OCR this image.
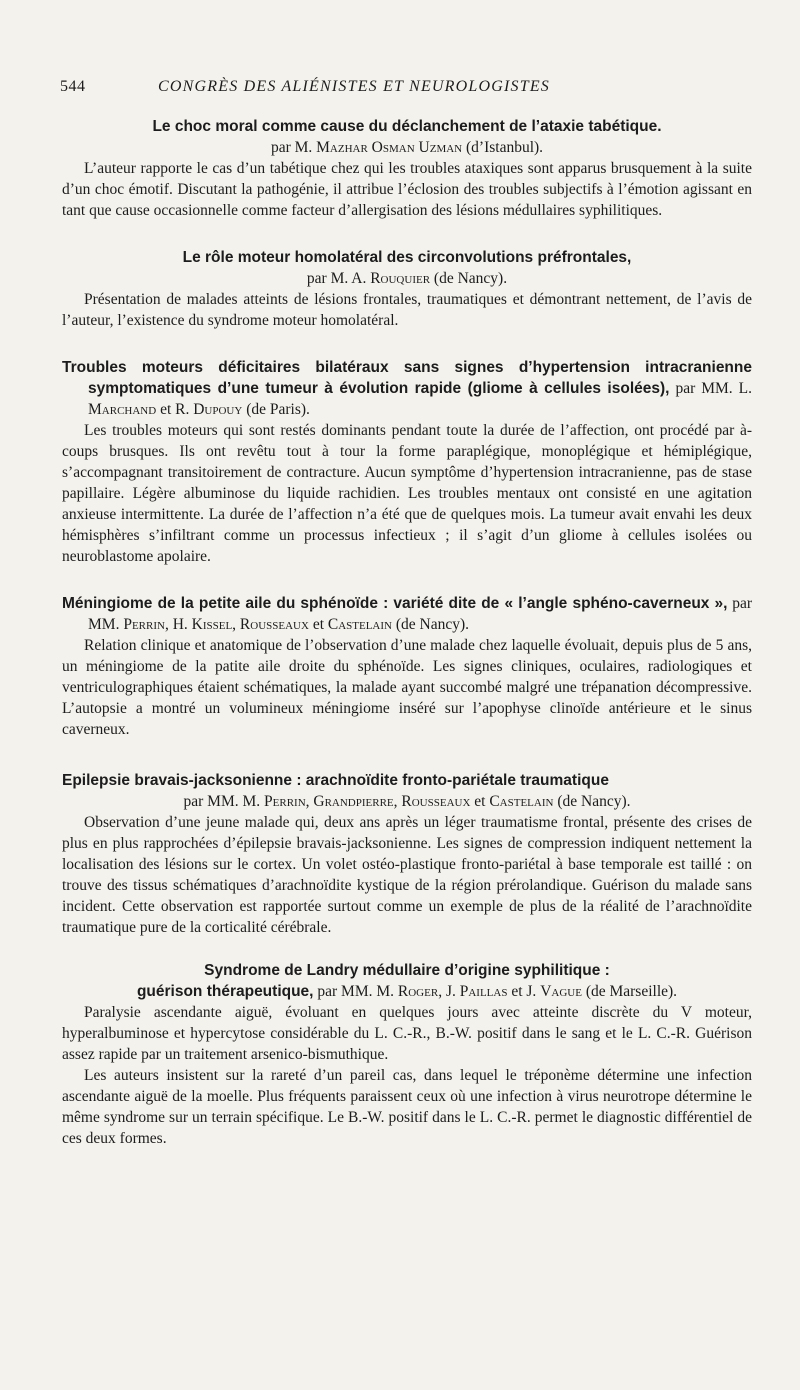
544	CONGRÈS DES ALIÉNISTES ET NEUROLOGISTES
Le choc moral comme cause du déclanchement de l’ataxie tabétique.
par M. Mazhar Osman Uzman (d’Istanbul).

L’auteur rapporte le cas d’un tabétique chez qui les troubles ataxiques sont apparus brusquement à la suite d’un choc émotif. Discutant la pathogénie, il attribue l’éclosion des troubles subjectifs à l’émotion agissant en tant que cause occasionnelle comme facteur d’allergisation des lésions médullaires syphilitiques.

Le rôle moteur homolatéral des circonvolutions préfrontales,
par M. A. Rouquier (de Nancy).

Présentation de malades atteints de lésions frontales, traumatiques et démontrant nettement, de l’avis de l’auteur, l’existence du syndrome moteur homolatéral.

Troubles moteurs déficitaires bilatéraux sans signes d’hypertension intracranienne symptomatiques d’une tumeur à évolution rapide (gliome à cellules isolées), par MM. L. Marchand et R. Dupouy (de Paris).

Les troubles moteurs qui sont restés dominants pendant toute la durée de l’affection, ont procédé par à-coups brusques. Ils ont revêtu tout à tour la forme paraplégique, monoplégique et hémiplégique, s’accompagnant transitoirement de contracture. Aucun symptôme d’hypertension intracranienne, pas de stase papillaire. Légère albuminose du liquide rachidien. Les troubles mentaux ont consisté en une agitation anxieuse intermittente. La durée de l’affection n’a été que de quelques mois. La tumeur avait envahi les deux hémisphères s’infiltrant comme un processus infectieux ; il s’agit d’un gliome à cellules isolées ou neuroblastome apolaire.

Méningiome de la petite aile du sphénoïde : variété dite de « l’angle sphéno-caverneux », par MM. Perrin, H. Kissel, Rousseaux et Castelain (de Nancy).

Relation clinique et anatomique de l’observation d’une malade chez laquelle évoluait, depuis plus de 5 ans, un méningiome de la patite aile droite du sphénoïde. Les signes cliniques, oculaires, radiologiques et ventriculographiques étaient schématiques, la malade ayant succombé malgré une trépanation décompressive. L’autopsie a montré un volumineux méningiome inséré sur l’apophyse clinoïde antérieure et le sinus caverneux.

Epilepsie bravais-jacksonienne : arachnoïdite fronto-pariétale traumatique
par MM. M. Perrin, Grandpierre, Rousseaux et Castelain (de Nancy).

Observation d’une jeune malade qui, deux ans après un léger traumatisme frontal, présente des crises de plus en plus rapprochées d’épilepsie bravais-jacksonienne. Les signes de compression indiquent nettement la localisation des lésions sur le cortex. Un volet ostéo-plastique fronto-pariétal à base temporale est taillé : on trouve des tissus schématiques d’arachnoïdite kystique de la région prérolandique. Guérison du malade sans incident. Cette observation est rapportée surtout comme un exemple de plus de la réalité de l’arachnoïdite traumatique pure de la corticalité cérébrale.

Syndrome de Landry médullaire d’origine syphilitique :
guérison thérapeutique, par MM. M. Roger, J. Paillas et J. Vague (de Marseille).

Paralysie ascendante aiguë, évoluant en quelques jours avec atteinte discrète du V moteur, hyperalbuminose et hypercytose considérable du L. C.-R., B.-W. positif dans le sang et le L. C.-R. Guérison assez rapide par un traitement arsenico-bismuthique.

Les auteurs insistent sur la rareté d’un pareil cas, dans lequel le tréponème détermine une infection ascendante aiguë de la moelle. Plus fréquents paraissent ceux où une infection à virus neurotrope détermine le même syndrome sur un terrain spécifique. Le B.-W. positif dans le L. C.-R. permet le diagnostic différentiel de ces deux formes.
